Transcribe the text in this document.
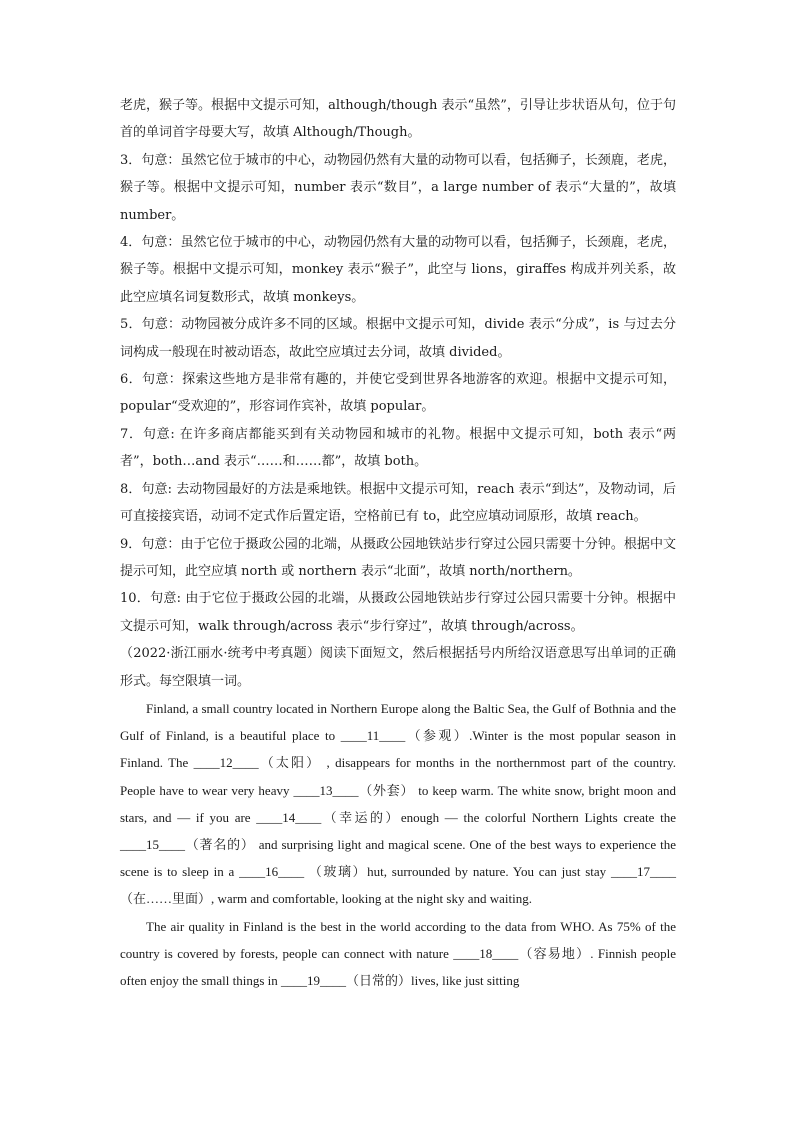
老虎，猴子等。根据中文提示可知，although/though 表示“虽然”，引导让步状语从句，位于句首的单词首字母要大写，故填 Although/Though。

3．句意：虽然它位于城市的中心，动物园仍然有大量的动物可以看，包括狮子，长颈鹿，老虎，猴子等。根据中文提示可知，number 表示“数目”，a large number of 表示“大量的”，故填 number。

4．句意：虽然它位于城市的中心，动物园仍然有大量的动物可以看，包括狮子，长颈鹿，老虎，猴子等。根据中文提示可知，monkey 表示“猴子”，此空与 lions，giraffes 构成并列关系，故此空应填名词复数形式，故填 monkeys。

5．句意：动物园被分成许多不同的区域。根据中文提示可知，divide 表示“分成”，is 与过去分词构成一般现在时被动语态，故此空应填过去分词，故填 divided。

6．句意：探索这些地方是非常有趣的，并使它受到世界各地游客的欢迎。根据中文提示可知，popular“受欢迎的”，形容词作宾补，故填 popular。

7．句意: 在许多商店都能买到有关动物园和城市的礼物。根据中文提示可知，both 表示“两者”，both…and 表示“……和……都”，故填 both。

8．句意: 去动物园最好的方法是乘地铁。根据中文提示可知，reach 表示“到达”，及物动词，后可直接接宾语，动词不定式作后置定语，空格前已有 to，此空应填动词原形，故填 reach。

9．句意：由于它位于摄政公园的北端，从摄政公园地铁站步行穿过公园只需要十分钟。根据中文提示可知，此空应填 north 或 northern 表示“北面”，故填 north/northern。

10．句意: 由于它位于摄政公园的北端，从摄政公园地铁站步行穿过公园只需要十分钟。根据中文提示可知，walk through/across 表示“步行穿过”，故填 through/across。

（2022·浙江丽水·统考中考真题）阅读下面短文，然后根据括号内所给汉语意思写出单词的正确形式。每空限填一词。

Finland, a small country located in Northern Europe along the Baltic Sea, the Gulf of Bothnia and the Gulf of Finland, is a beautiful place to ____11____（参观）.Winter is the most popular season in Finland. The ____12____（太阳） , disappears for months in the northernmost part of the country. People have to wear very heavy ____13____（外套） to keep warm. The white snow, bright moon and stars, and — if you are ____14____（幸运的）enough — the colorful Northern Lights create the ____15____（著名的） and surprising light and magical scene. One of the best ways to experience the scene is to sleep in a ____16____ （玻璃）hut, surrounded by nature. You can just stay ____17____（在……里面）, warm and comfortable, looking at the night sky and waiting.

The air quality in Finland is the best in the world according to the data from WHO. As 75% of the country is covered by forests, people can connect with nature ____18____（容易地）. Finnish people often enjoy the small things in ____19____（日常的）lives, like just sitting
